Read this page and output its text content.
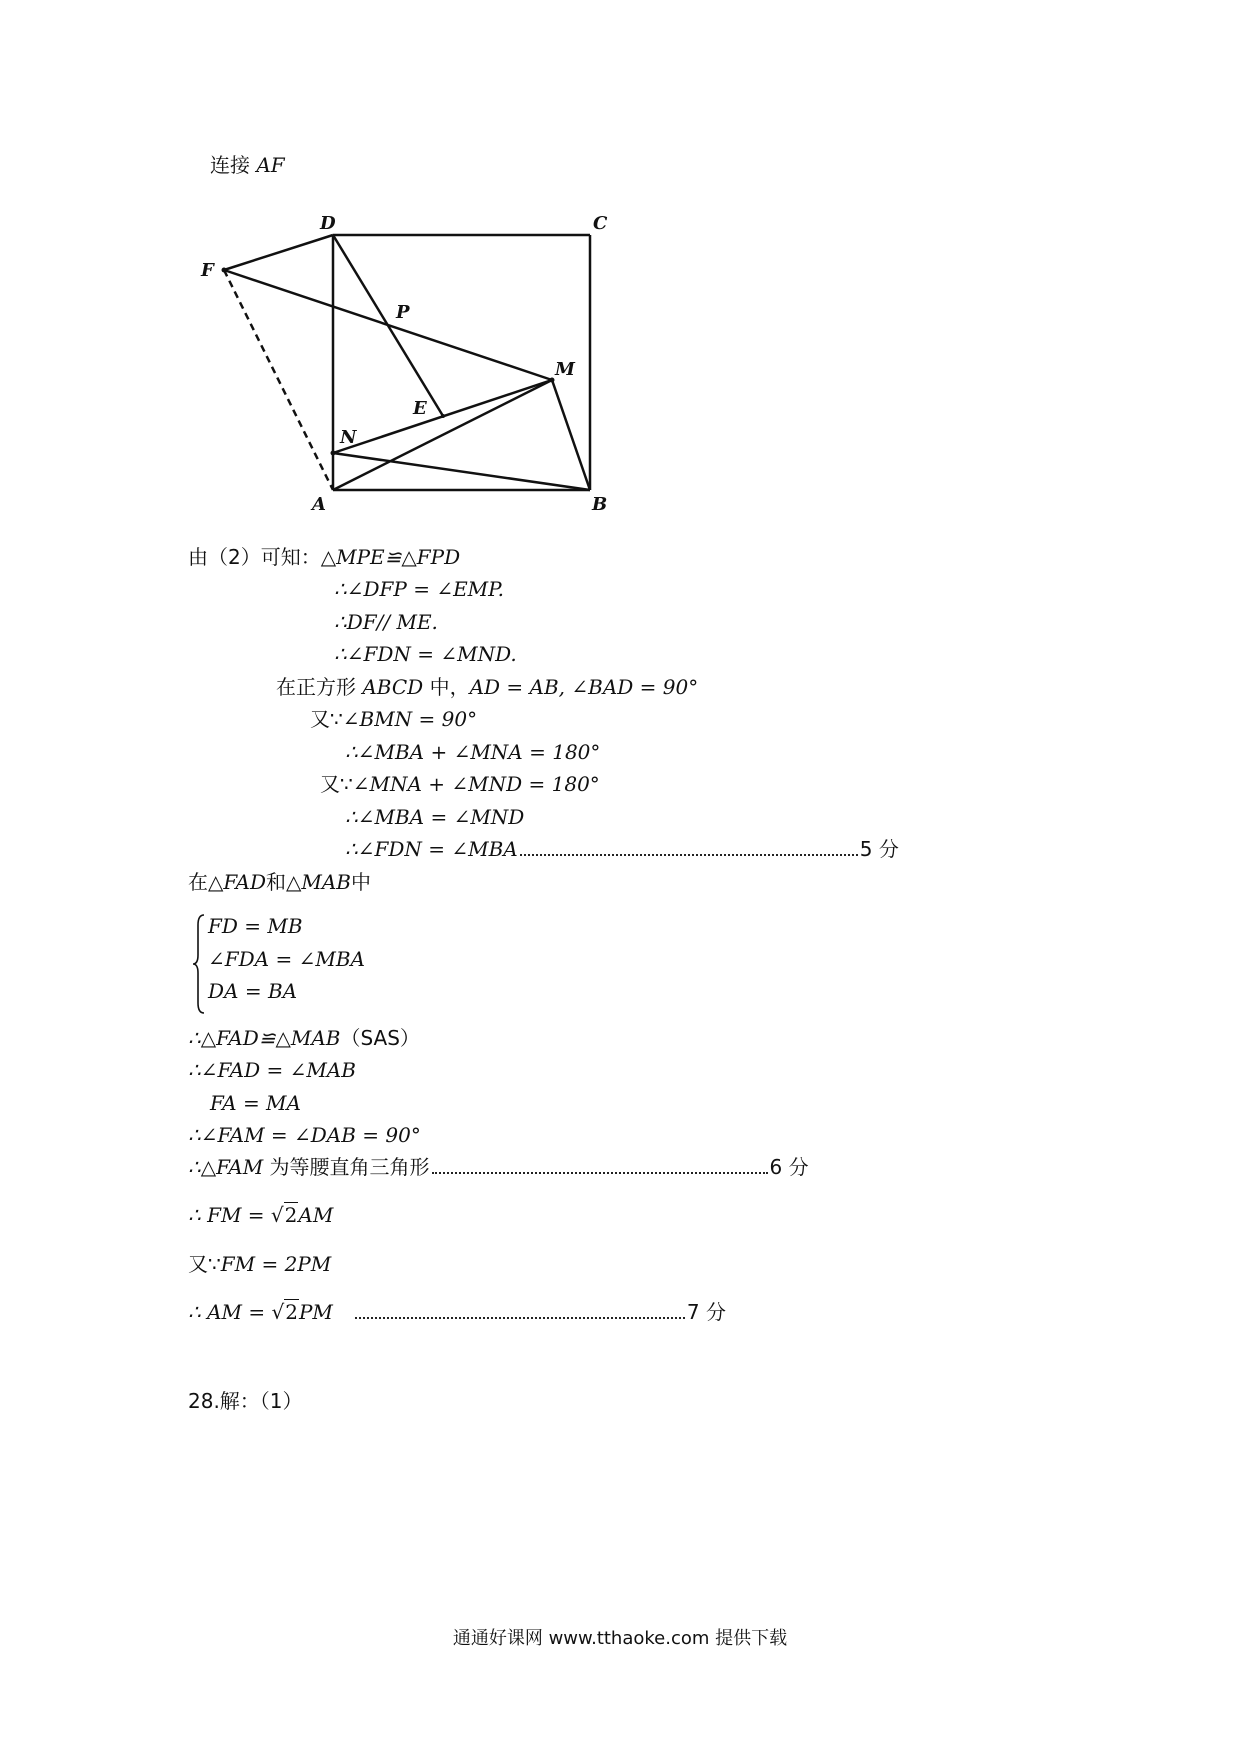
连接 AF
D	C
F
P
M
E
N
A	B
由（2）可知：△MPE≌△FPD
∴∠DFP = ∠EMP.
∴DF// ME.
∴∠FDN = ∠MND.
在正方形 ABCD 中，AD = AB, ∠BAD = 90°
又∵∠BMN = 90°
∴∠MBA + ∠MNA = 180°
又∵∠MNA + ∠MND = 180°
∴∠MBA = ∠MND
∴∠FDN = ∠MBA	5 分
在△FAD和△MAB中
FD = MB
∠FDA = ∠MBA
DA = BA
∴△FAD≌△MAB（SAS）
∴∠FAD = ∠MAB
FA = MA
∴∠FAM = ∠DAB = 90°
∴△FAM 为等腰直角三角形	6 分
∴ FM = √2AM
又∵FM = 2PM
∴ AM = √2PM	7 分
28.解：（1）
通通好课网 www.tthaoke.com 提供下载
